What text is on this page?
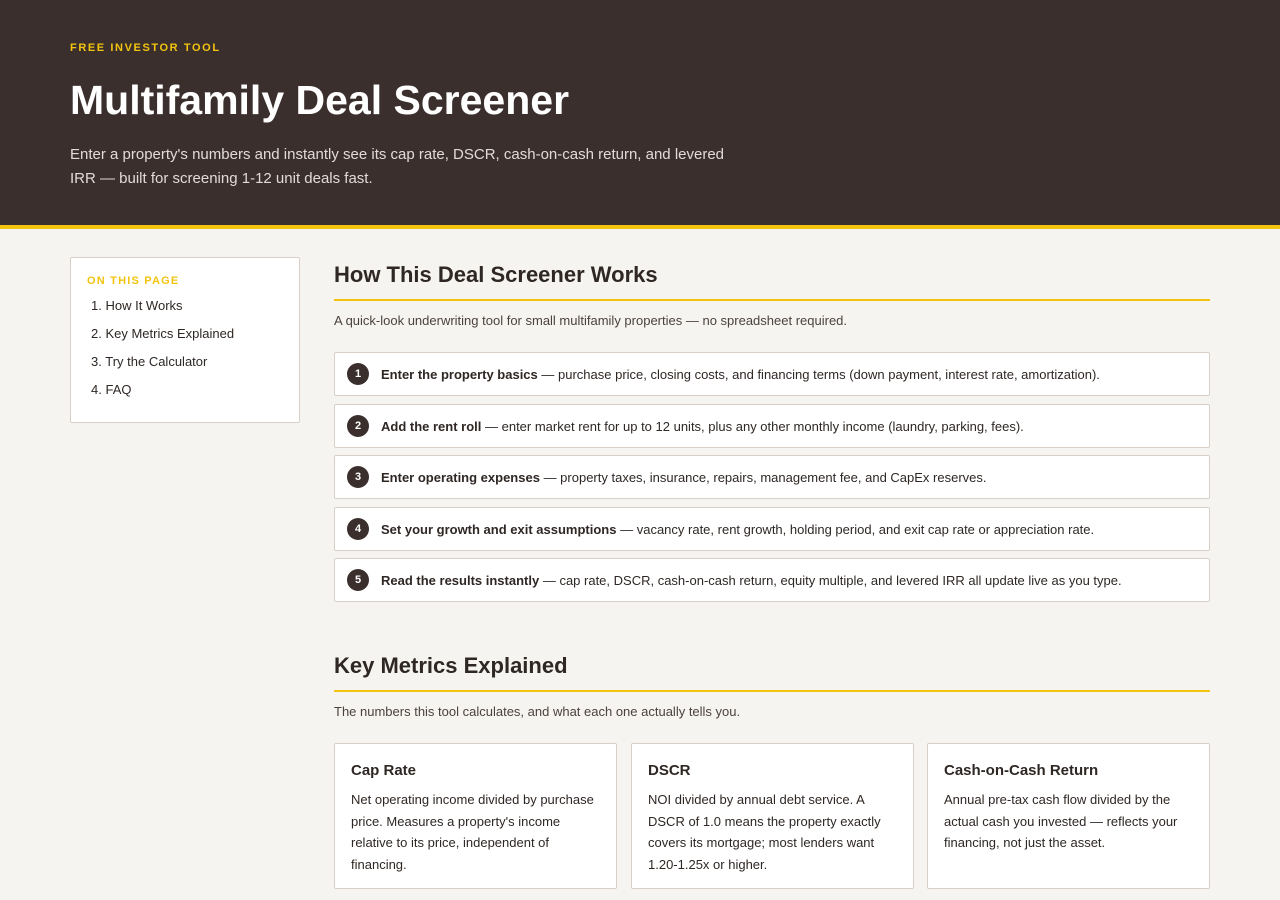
FREE INVESTOR TOOL
Multifamily Deal Screener

Enter a property's numbers and instantly see its cap rate, DSCR, cash-on-cash return, and levered IRR — built for screening 1-12 unit deals fast.

ON THIS PAGE
1. How It Works
2. Key Metrics Explained
3. Try the Calculator
4. FAQ
How This Deal Screener Works

A quick-look underwriting tool for small multifamily properties — no spreadsheet required.

1	Enter the property basics — purchase price, closing costs, and financing terms (down payment, interest rate, amortization).
2	Add the rent roll — enter market rent for up to 12 units, plus any other monthly income (laundry, parking, fees).
3	Enter operating expenses — property taxes, insurance, repairs, management fee, and CapEx reserves.
4	Set your growth and exit assumptions — vacancy rate, rent growth, holding period, and exit cap rate or appreciation rate.
5	Read the results instantly — cap rate, DSCR, cash-on-cash return, equity multiple, and levered IRR all update live as you type.
Key Metrics Explained

The numbers this tool calculates, and what each one actually tells you.

Cap Rate

Net operating income divided by purchase price. Measures a property's income relative to its price, independent of financing.

DSCR

NOI divided by annual debt service. A DSCR of 1.0 means the property exactly covers its mortgage; most lenders want 1.20-1.25x or higher.

Cash-on-Cash Return

Annual pre-tax cash flow divided by the actual cash you invested — reflects your financing, not just the asset.
